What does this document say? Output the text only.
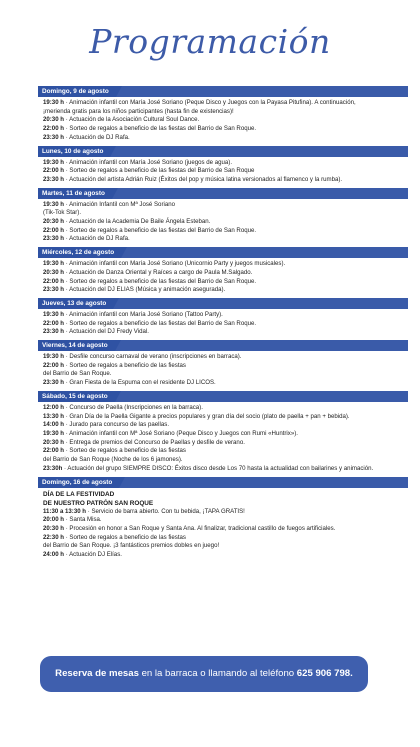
Programación
Domingo, 9 de agosto
19:30 h · Animación infantil con María José Soriano (Peque Disco y Juegos con la Payasa Pitufina). A continuación,
¡merienda gratis para los niños participantes (hasta fin de existencias)!
20:30 h · Actuación de la Asociación Cultural Soul Dance.
22:00 h · Sorteo de regalos a beneficio de las fiestas del Barrio de San Roque.
23:30 h · Actuación de DJ Rafa.
Lunes, 10 de agosto
19:30 h · Animación infantil con María José Soriano (juegos de agua).
22:00 h · Sorteo de regalos a beneficio de las fiestas del Barrio de San Roque
23:30 h · Actuación del artista Adrián Ruiz (Éxitos del pop y música latina versionados al flamenco y la rumba).
Martes, 11 de agosto
19:30 h · Animación Infantil con Mª José Soriano
(Tik-Tok Star).
20:30 h · Actuación de la Academia De Baile Ángela Esteban.
22:00 h · Sorteo de regalos a beneficio de las fiestas del Barrio de San Roque.
23:30 h · Actuación de DJ Rafa.
Miércoles, 12 de agosto
19:30 h · Animación infantil con María José Soriano (Unicornio Party y juegos musicales).
20:30 h · Actuación de Danza Oriental y Raíces a cargo de Paula M.Salgado.
22:00 h · Sorteo de regalos a beneficio de las fiestas del Barrio de San Roque.
23:30 h · Actuación del DJ ELIAS (Música y animación asegurada).
Jueves, 13 de agosto
19:30 h · Animación infantil con María José Soriano (Tattoo Party).
22:00 h · Sorteo de regalos a beneficio de las fiestas del Barrio de San Roque.
23:30 h · Actuación del DJ Fredy Vidal.
Viernes, 14 de agosto
19:30 h · Desfile concurso carnaval de verano (inscripciones en barraca).
22:00 h · Sorteo de regalos a beneficio de las fiestas
del Barrio de San Roque.
23:30 h · Gran Fiesta de la Espuma con el residente DJ LICOS.
Sábado, 15 de agosto
12:00 h · Concurso de Paella (Inscripciones en la barraca).
13:30 h · Gran Día de la Paella Gigante a precios populares y gran día del socio (plato de paella + pan + bebida).
14:00 h · Jurado para concurso de las paellas.
19:30 h · Animación infantil con Mª José Soriano (Peque Disco y Juegos con Rumi «Huntrix»).
20:30 h · Entrega de premios del Concurso de Paellas y desfile de verano.
22:00 h · Sorteo de regalos a beneficio de las fiestas
del Barrio de San Roque (Noche de los 6 jamones).
23:30h · Actuación del grupo SIEMPRE DISCO: Éxitos disco desde Los 70 hasta la actualidad con bailarines y animación.
Domingo, 16 de agosto
DÍA DE LA FESTIVIDAD
DE NUESTRO PATRÓN SAN ROQUE
11:30 a 13:30 h · Servicio de barra abierto. Con tu bebida, ¡TAPA GRATIS!
20:00 h · Santa Misa.
20:30 h · Procesión en honor a San Roque y Santa Ana. Al finalizar, tradicional castillo de fuegos artificiales.
22:30 h · Sorteo de regalos a beneficio de las fiestas
del Barrio de San Roque. ¡3 fantásticos premios dobles en juego!
24:00 h · Actuación DJ Elías.
Reserva de mesas en la barraca o llamando al teléfono 625 906 798.
